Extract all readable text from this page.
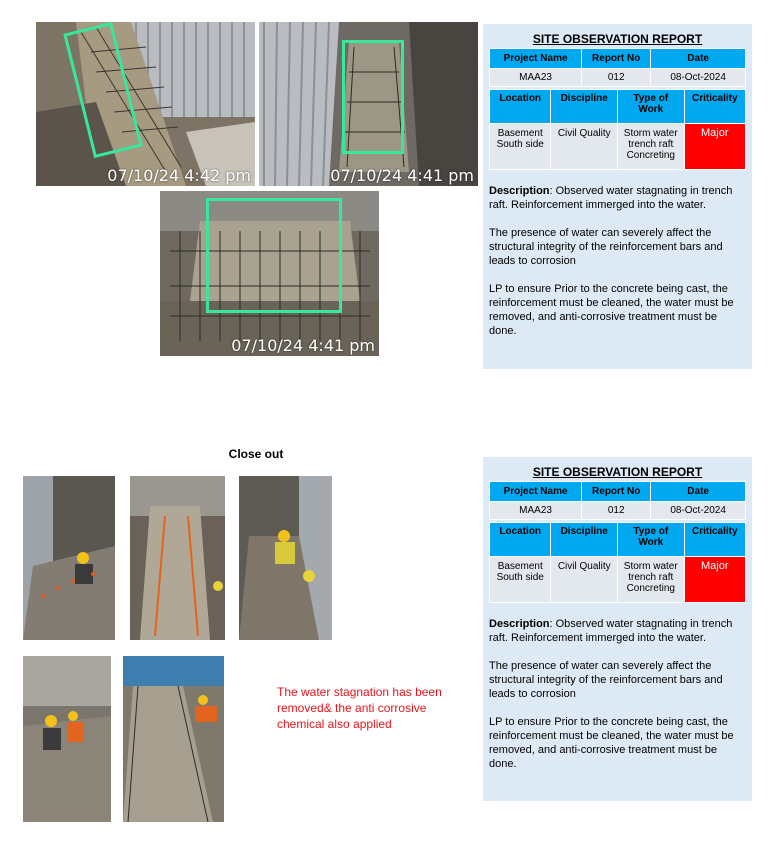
07/10/24 4:42 pm	07/10/24 4:41 pm
07/10/24 4:41 pm
SITE OBSERVATION REPORT
Project Name	Report No	Date
MAA23	012	08-Oct-2024
Location	Discipline	Type of Work	Criticality
Basement South side	Civil Quality	Storm water trench raft Concreting	Major

Description: Observed water stagnating in trench raft. Reinforcement immerged into the water.

The presence of water can severely affect the structural integrity of the reinforcement bars and leads to corrosion

LP to ensure Prior to the concrete being cast, the reinforcement must be cleaned, the water must be removed, and anti-corrosive treatment must be done.

Close out
The water stagnation has been removed& the anti corrosive chemical also applied
SITE OBSERVATION REPORT
Project Name	Report No	Date
MAA23	012	08-Oct-2024
Location	Discipline	Type of Work	Criticality
Basement South side	Civil Quality	Storm water trench raft Concreting	Major

Description: Observed water stagnating in trench raft. Reinforcement immerged into the water.

The presence of water can severely affect the structural integrity of the reinforcement bars and leads to corrosion

LP to ensure Prior to the concrete being cast, the reinforcement must be cleaned, the water must be removed, and anti-corrosive treatment must be done.
